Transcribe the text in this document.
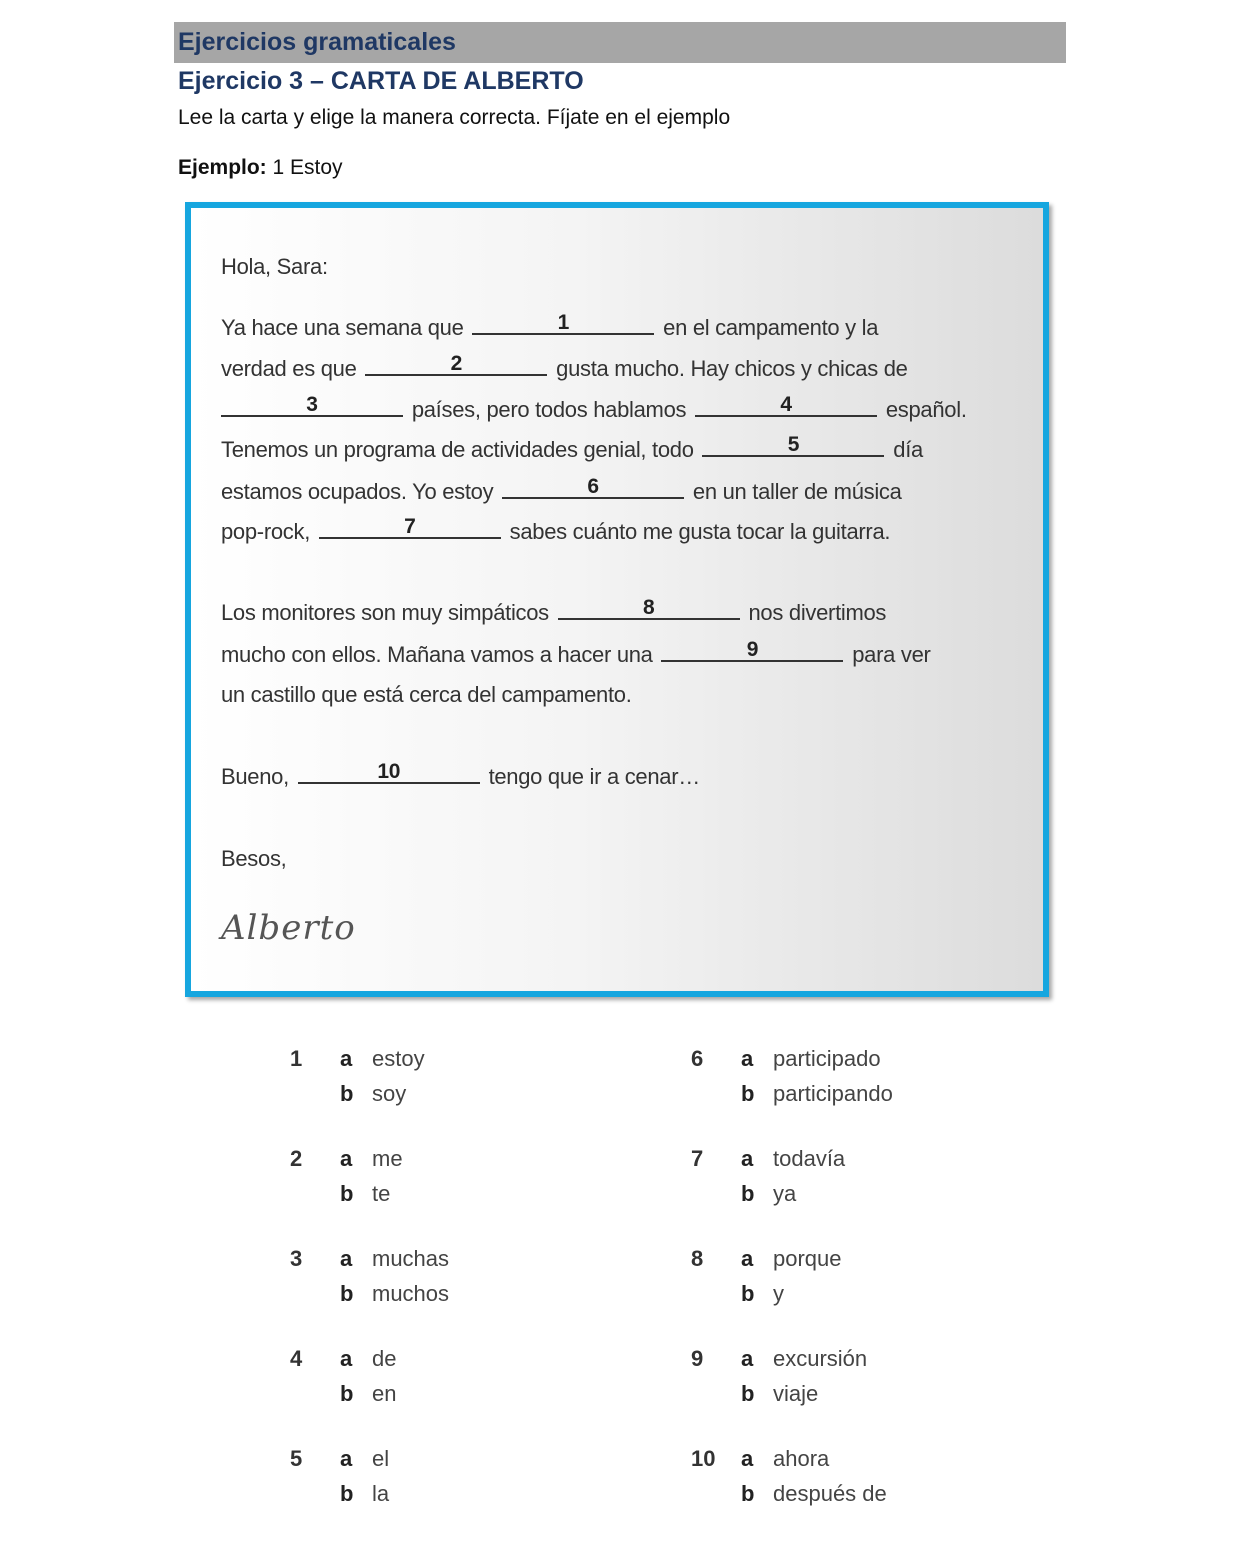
Ejercicios gramaticales
Ejercicio 3 – CARTA DE ALBERTO
Lee la carta y elige la manera correcta. Fíjate en el ejemplo
Ejemplo: 1 Estoy
Hola, Sara:
Ya hace una semana que	1	en el campamento y la
verdad es que	2	gusta mucho. Hay chicos y chicas de
3	países, pero todos hablamos	4	español.
Tenemos un programa de actividades genial, todo	5	día
estamos ocupados. Yo estoy	6	en un taller de música
pop-rock,	7	sabes cuánto me gusta tocar la guitarra.
Los monitores son muy simpáticos	8	nos divertimos
mucho con ellos. Mañana vamos a hacer una	9	para ver
un castillo que está cerca del campamento.
Bueno,	10	tengo que ir a cenar…
Besos,
Alberto
1 a estoy
b soy
2 a me
b te
3 a muchas
b muchos
4 a de
b en
5 a el
b la
6 a participado
b participando
7 a todavía
b ya
8 a porque
b y
9 a excursión
b viaje
10 a ahora
b después de
